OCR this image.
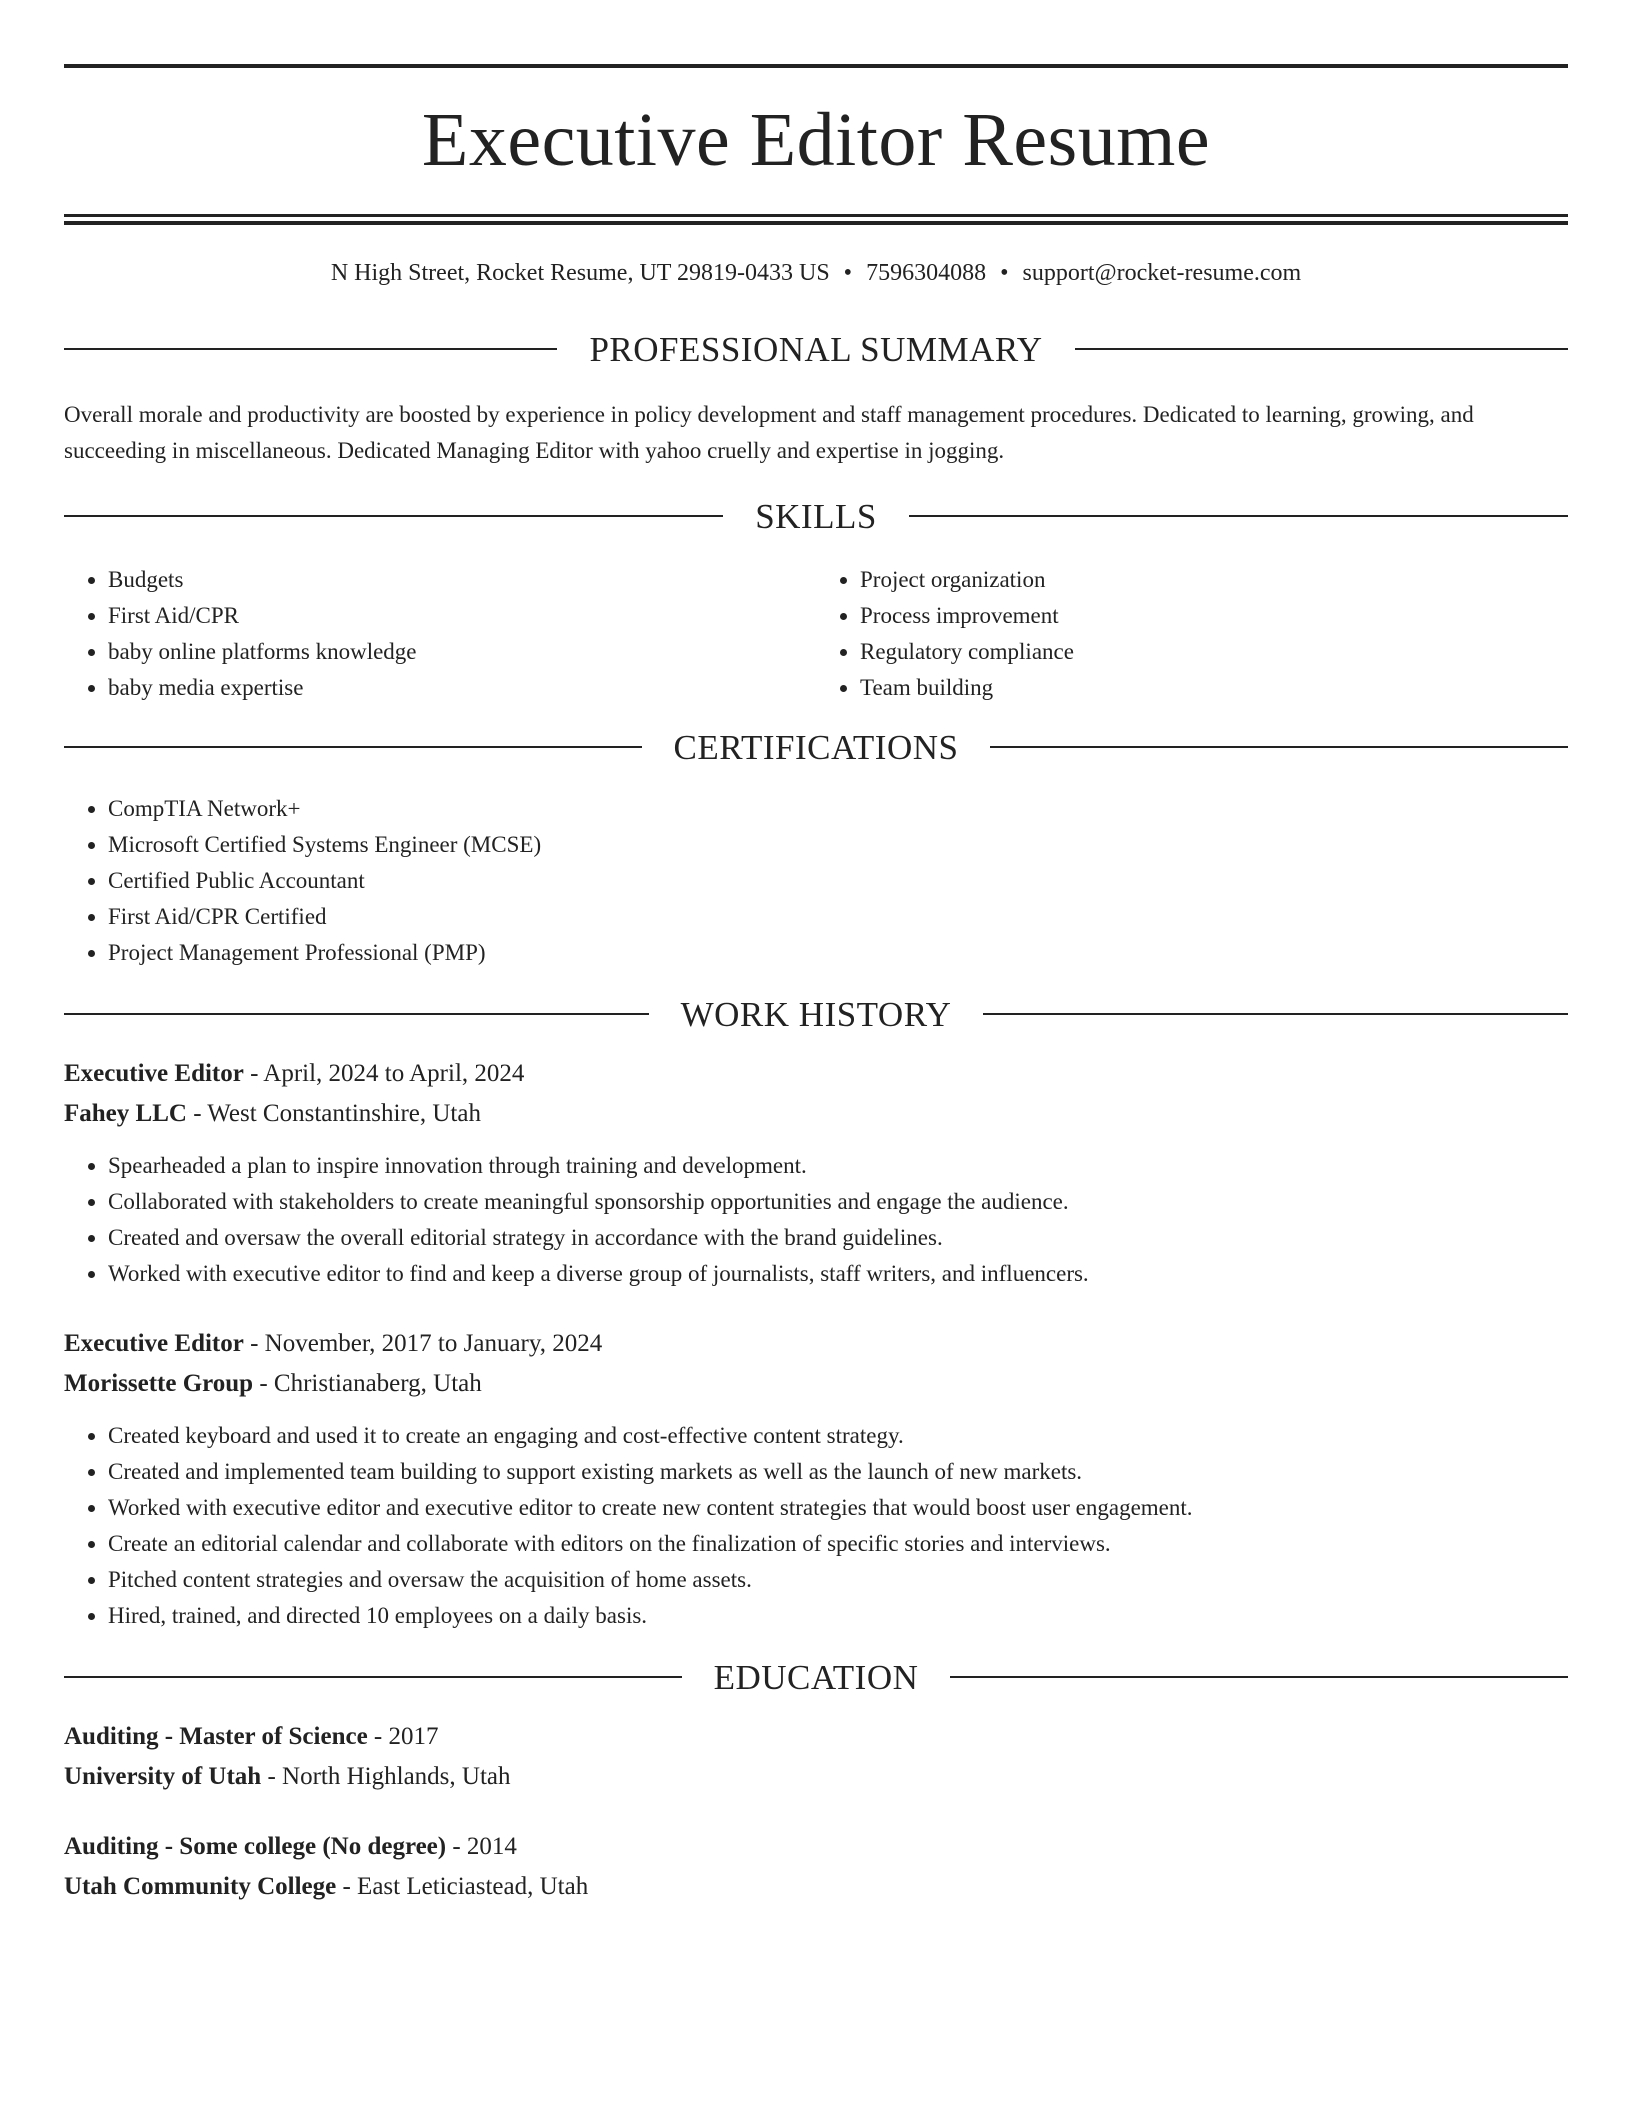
Executive Editor Resume
N High Street, Rocket Resume, UT 29819-0433 US • 7596304088 • support@rocket-resume.com
PROFESSIONAL SUMMARY

Overall morale and productivity are boosted by experience in policy development and staff management procedures. Dedicated to learning, growing, and succeeding in miscellaneous. Dedicated Managing Editor with yahoo cruelly and expertise in jogging.

SKILLS
• Budgets
• First Aid/CPR
• baby online platforms knowledge
• baby media expertise
• Project organization
• Process improvement
• Regulatory compliance
• Team building
CERTIFICATIONS
• CompTIA Network+
• Microsoft Certified Systems Engineer (MCSE)
• Certified Public Accountant
• First Aid/CPR Certified
• Project Management Professional (PMP)
WORK HISTORY
Executive Editor - April, 2024 to April, 2024
Fahey LLC - West Constantinshire, Utah
• Spearheaded a plan to inspire innovation through training and development.
• Collaborated with stakeholders to create meaningful sponsorship opportunities and engage the audience.
• Created and oversaw the overall editorial strategy in accordance with the brand guidelines.
• Worked with executive editor to find and keep a diverse group of journalists, staff writers, and influencers.
Executive Editor - November, 2017 to January, 2024
Morissette Group - Christianaberg, Utah
• Created keyboard and used it to create an engaging and cost-effective content strategy.
• Created and implemented team building to support existing markets as well as the launch of new markets.
• Worked with executive editor and executive editor to create new content strategies that would boost user engagement.
• Create an editorial calendar and collaborate with editors on the finalization of specific stories and interviews.
• Pitched content strategies and oversaw the acquisition of home assets.
• Hired, trained, and directed 10 employees on a daily basis.
EDUCATION
Auditing - Master of Science - 2017
University of Utah - North Highlands, Utah
Auditing - Some college (No degree) - 2014
Utah Community College - East Leticiastead, Utah
